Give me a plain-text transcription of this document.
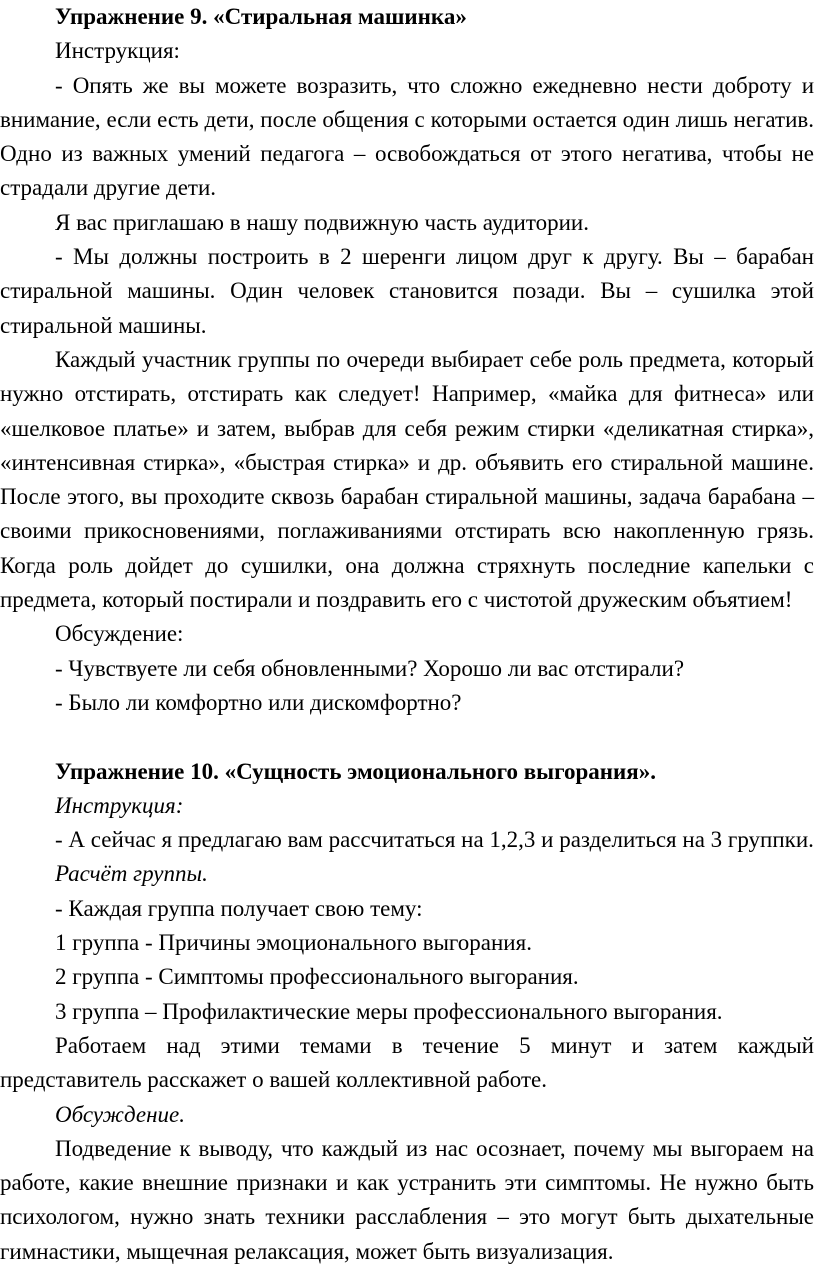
Упражнение 9. «Стиральная машинка»

Инструкция:

- Опять же вы можете возразить, что сложно ежедневно нести доброту и внимание, если есть дети, после общения с которыми остается один лишь негатив. Одно из важных умений педагога – освобождаться от этого негатива, чтобы не страдали другие дети.

Я вас приглашаю в нашу подвижную часть аудитории.

- Мы должны построить в 2 шеренги лицом друг к другу. Вы – барабан стиральной машины. Один человек становится позади. Вы – сушилка этой стиральной машины.

Каждый участник группы по очереди выбирает себе роль предмета, который нужно отстирать, отстирать как следует! Например, «майка для фитнеса» или «шелковое платье» и затем, выбрав для себя режим стирки «деликатная стирка», «интенсивная стирка», «быстрая стирка» и др. объявить его стиральной машине. После этого, вы проходите сквозь барабан стиральной машины, задача барабана – своими прикосновениями, поглаживаниями отстирать всю накопленную грязь. Когда роль дойдет до сушилки, она должна стряхнуть последние капельки с предмета, который постирали и поздравить его с чистотой дружеским объятием!

Обсуждение:

- Чувствуете ли себя обновленными? Хорошо ли вас отстирали?

- Было ли комфортно или дискомфортно?

Упражнение 10. «Сущность эмоционального выгорания».

Инструкция:

- А сейчас я предлагаю вам рассчитаться на 1,2,3 и разделиться на 3 группки.

Расчёт группы.

- Каждая группа получает свою тему:

1 группа - Причины эмоционального выгорания.

2 группа - Симптомы профессионального выгорания.

3 группа – Профилактические меры профессионального выгорания.

Работаем над этими темами в течение 5 минут и затем каждый представитель расскажет о вашей коллективной работе.

Обсуждение.

Подведение к выводу, что каждый из нас осознает, почему мы выгораем на работе, какие внешние признаки и как устранить эти симптомы. Не нужно быть психологом, нужно знать техники расслабления – это могут быть дыхательные гимнастики, мыщечная релаксация, может быть визуализация.
